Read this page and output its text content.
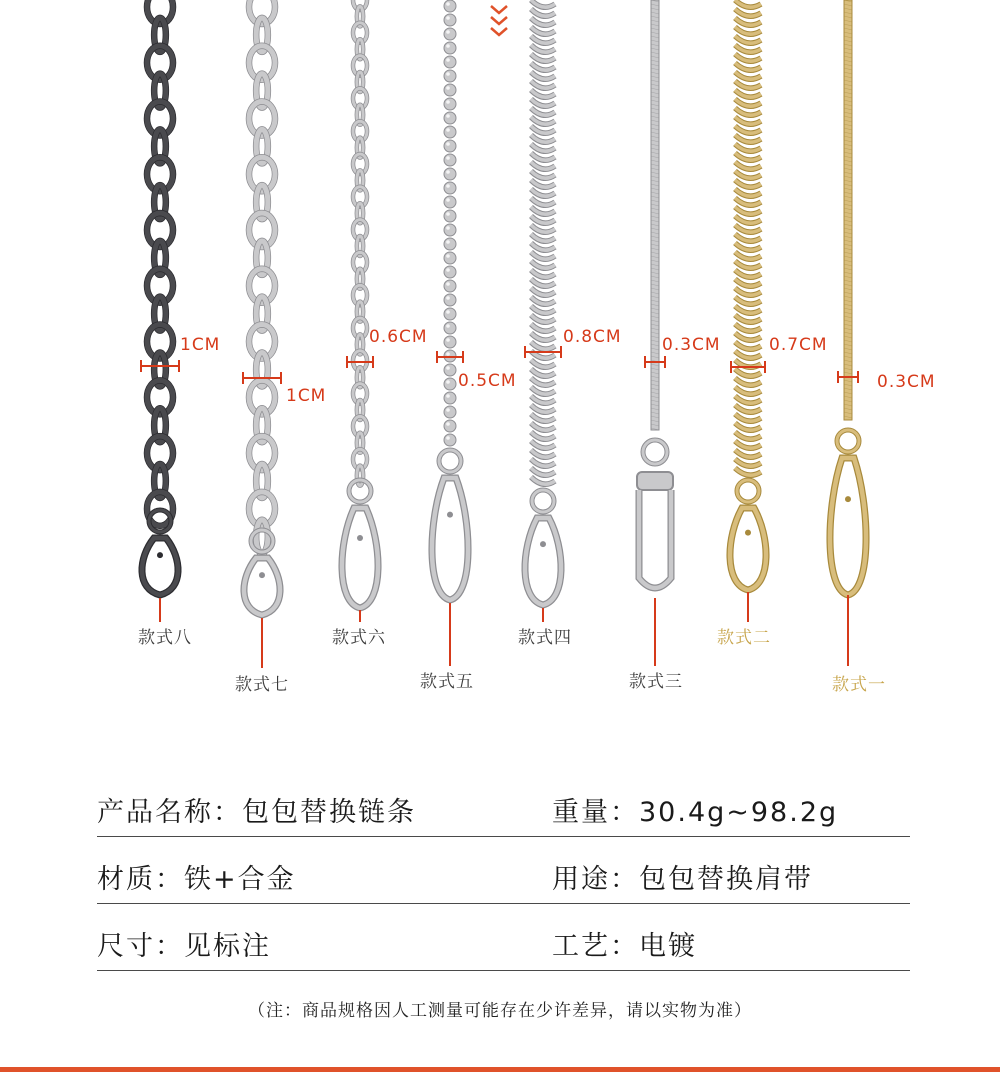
1CM
1CM
0.6CM
0.5CM
0.8CM 0.3CM	0.7CM
0.3CM
款式八
款式七
款式六
款式五
款式四
款式三
款式二
款式一
产品名称：包包替换链条	重量：30.4g~98.2g
材质：铁+合金	用途：包包替换肩带
尺寸：见标注	工艺：电镀
（注：商品规格因人工测量可能存在少许差异，请以实物为准）
